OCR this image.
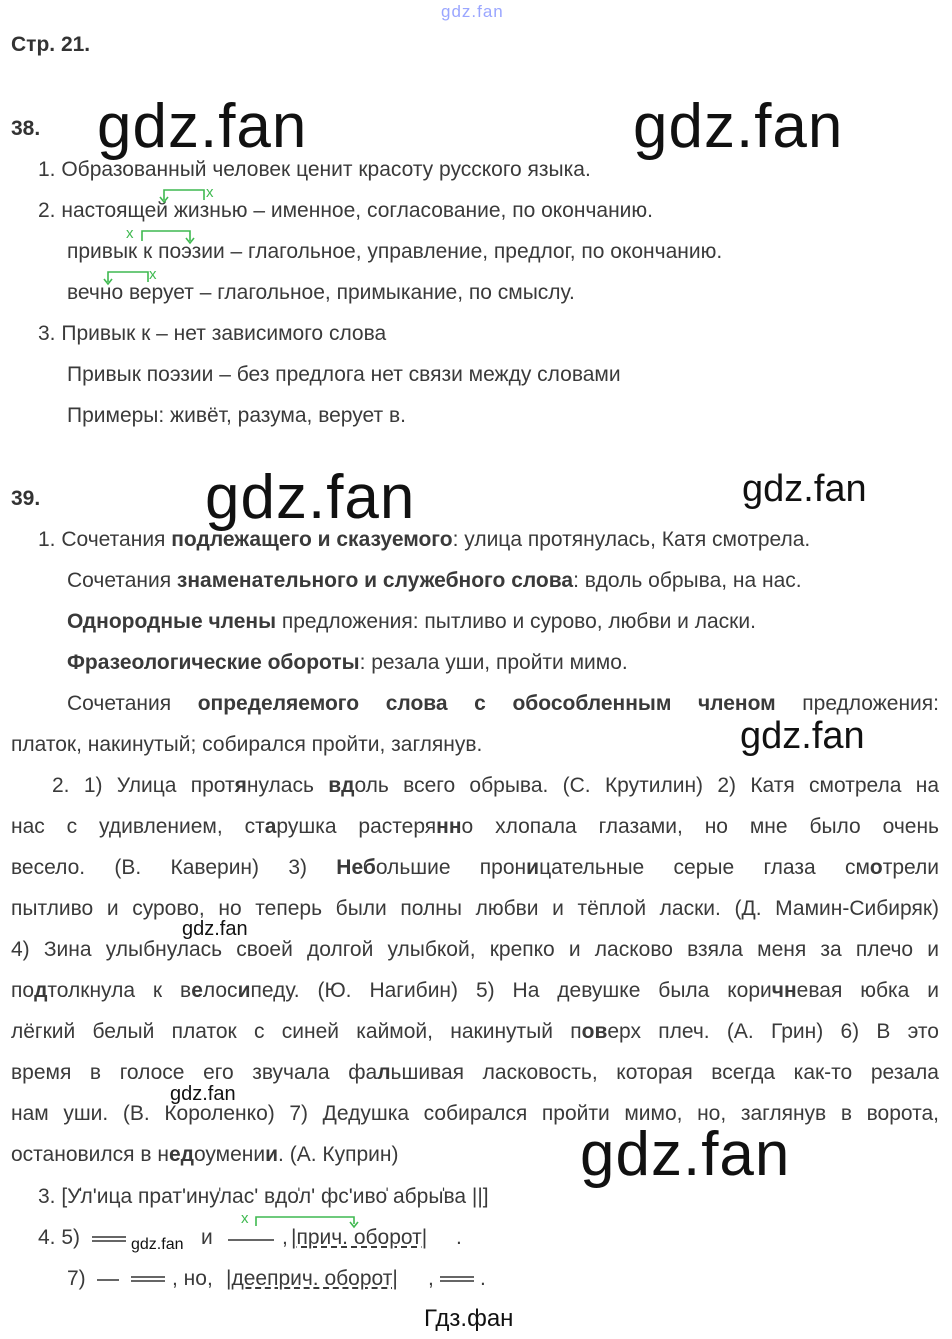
gdz.fan
Стр. 21.
38. gdz.fan	gdz.fan
1. Образованный человек ценит красоту русского языка.
2. настоящей жизнью – именное, согласование, по окончанию.
привык к поэзии – глагольное, управление, предлог, по окончанию.
вечно верует – глагольное, примыкание, по смыслу.
3. Привык к – нет зависимого слова
Привык поэзии – без предлога нет связи между словами
Примеры: живёт, разума, верует в.
x
x
x
39.	gdz.fan	gdz.fan
1. Сочетания подлежащего и сказуемого: улица протянулась, Катя смотрела.
Сочетания знаменательного и служебного слова: вдоль обрыва, на нас.
Однородные члены предложения: пытливо и сурово, любви и ласки.
Фразеологические обороты: резала уши, пройти мимо.
Сочетания определяемого слова с обособленным членом предложения:
платок, накинутый; собирался пройти, заглянув.	gdz.fan
2. 1) Улица протянулась вдоль всего обрыва. (С. Крутилин) 2) Катя смотрела на
нас с удивлением, старушка растерянно хлопала глазами, но мне было очень
весело. (В. Каверин) 3) Небольшие проницательные серые глаза смотрели
пытливо и сурово, но теперь были полны любви и тёплой ласки. (Д. Мамин-Сибиряк)
4) Зина улыбнулась своей долгой улыбкой, крепко и ласково взяла меня за плечо и
подтолкнула к велосипеду. (Ю. Нагибин) 5) На девушке была коричневая юбка и
лёгкий белый платок с синей каймой, накинутый поверх плеч. (А. Грин) 6) В это
время в голосе его звучала фальшивая ласковость, которая всегда как-то резала
нам уши. (В. Короленко) 7) Дедушка собирался пройти мимо, но, заглянув в ворота,
остановился в недоумении. (А. Куприн)
gdz.fan
gdz.fan
gdz.fan
3. [У̍л'ица прат'ину̍лас' вдо̍л' фс'иво̍ абры̍ва ||]
4. 5)	gdz.fan и	, |прич. оборот| .
x
7)	, но, |дееприч. оборот| , .
Гдз.фан
